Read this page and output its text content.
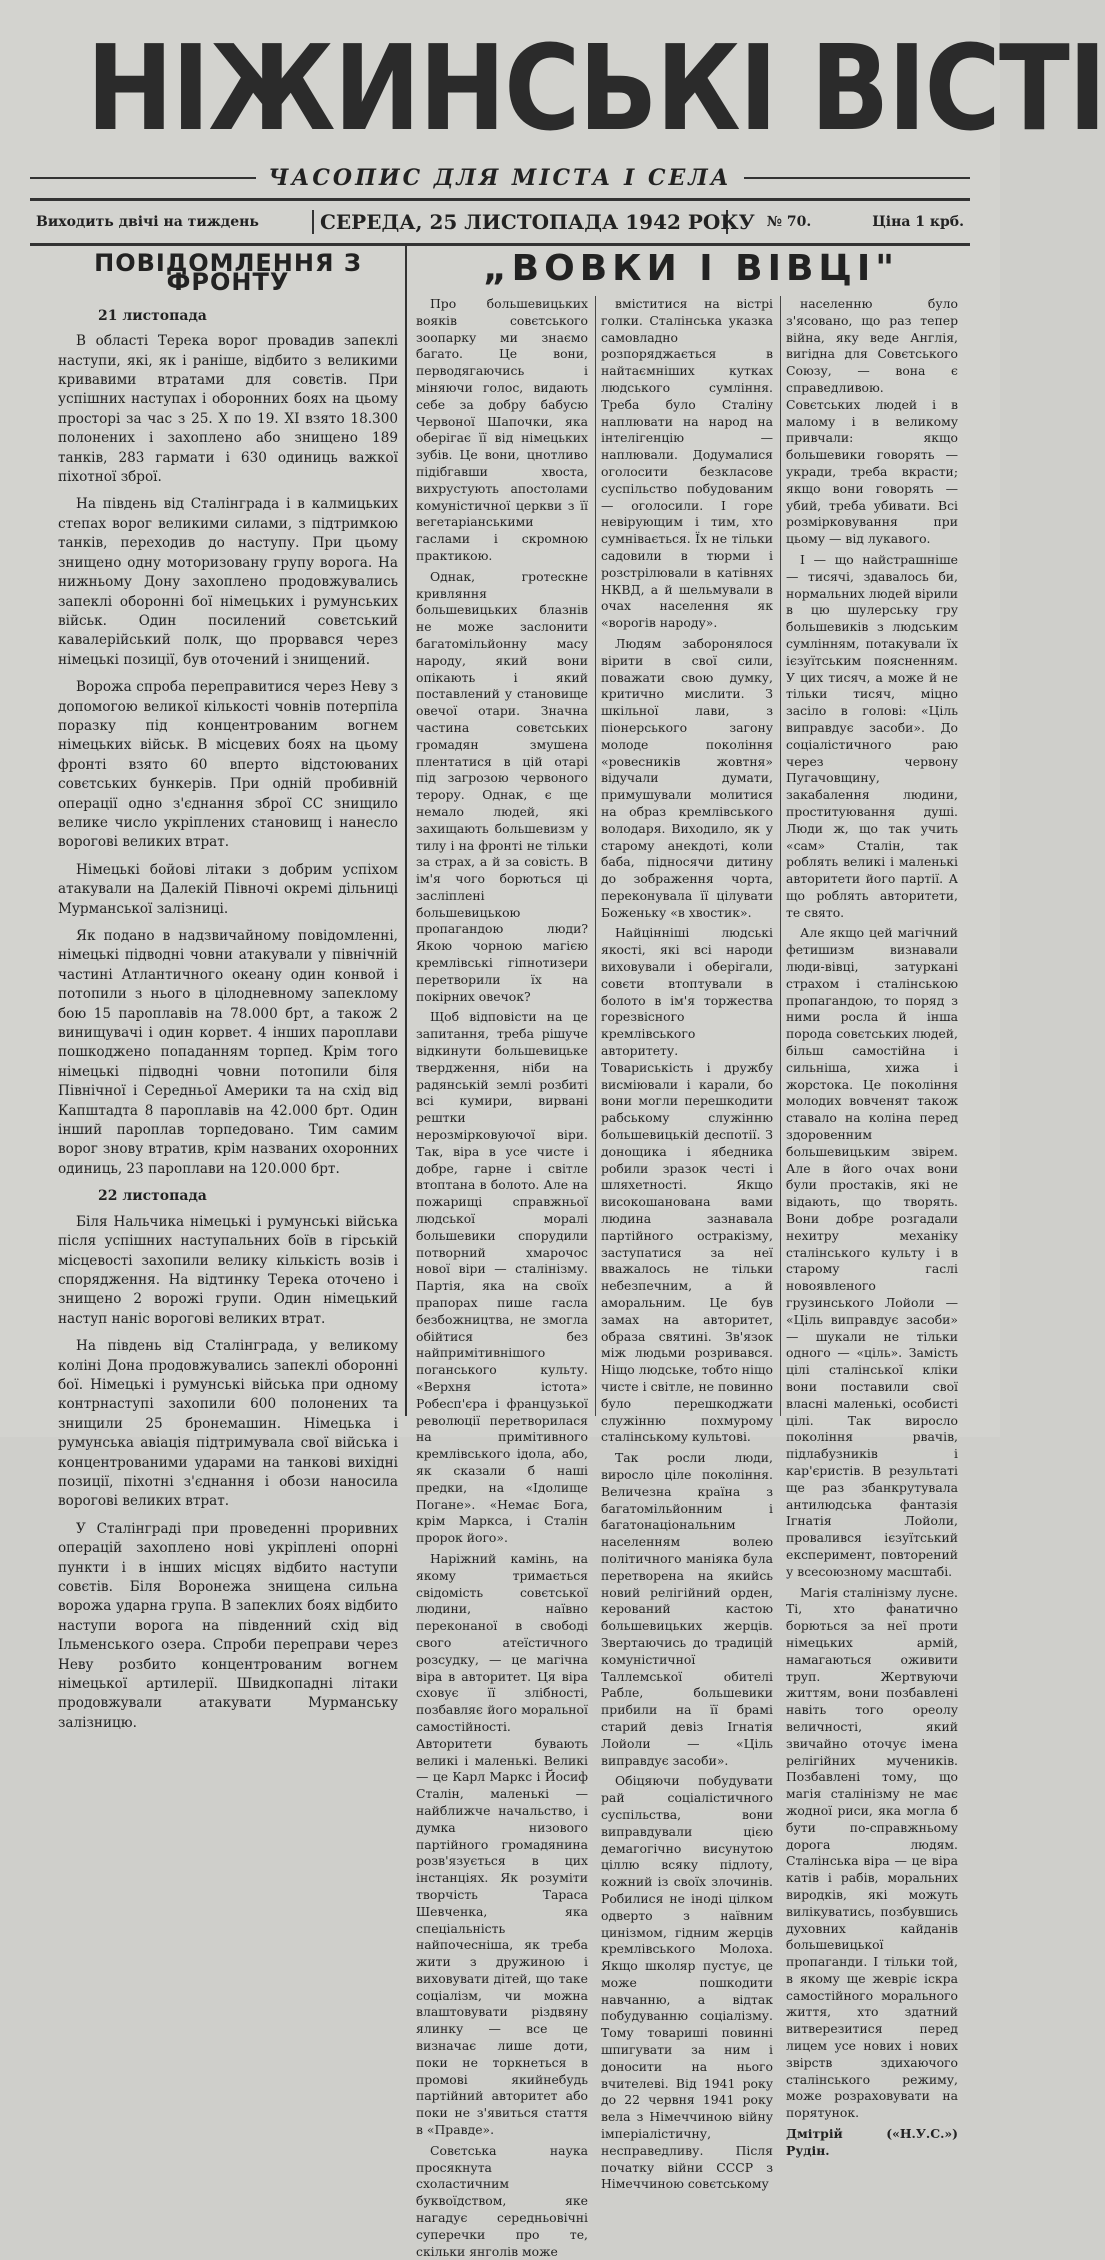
НІЖИНСЬКІ ВІСТІ
ЧАСОПИС ДЛЯ МІСТА І СЕЛА
Виходить двічі на тиждень	СЕРЕДА, 25 ЛИСТОПАДА 1942 РОКУ № 70.	Ціна 1 крб.
ПОВІДОМЛЕННЯ З ФРОНТУ
21 листопада

В області Терека ворог провадив запеклі наступи, які, як і раніше, відбито з великими кривавими втратами для совєтів. При успішних наступах і оборонних боях на цьому просторі за час з 25. X по 19. XI взято 18.300 полонених і захоплено або знищено 189 танків, 283 гармати і 630 одиниць важкої піхотної зброї.

На південь від Сталінграда і в калмицьких степах ворог великими силами, з підтримкою танків, переходив до наступу. При цьому знищено одну моторизовану групу ворога. На нижньому Дону захоплено продовжувались запеклі оборонні бої німецьких і румунських військ. Один посилений совєтський кавалерійський полк, що прорвався через німецькі позиції, був оточений і знищений.

Ворожа спроба переправитися через Неву з допомогою великої кількості човнів потерпіла поразку під концентрованим вогнем німецьких військ. В місцевих боях на цьому фронті взято 60 вперто відстоюваних совєтських бункерів. При одній пробивній операції одно з'єднання зброї СС знищило велике число укріплених становищ і нанесло ворогові великих втрат.

Німецькі бойові літаки з добрим успіхом атакували на Далекій Півночі окремі дільниці Мурманської залізниці.

Як подано в надзвичайному повідомленні, німецькі підводні човни атакували у північній частині Атлантичного океану один конвой і потопили з нього в цілодневному запеклому бою 15 пароплавів на 78.000 брт, а також 2 винищувачі і один корвет. 4 інших пароплави пошкоджено попаданням торпед. Крім того німецькі підводні човни потопили біля Північної і Середньої Америки та на схід від Капштадта 8 пароплавів на 42.000 брт. Один інший пароплав торпедовано. Тим самим ворог знову втратив, крім названих охоронних одиниць, 23 пароплави на 120.000 брт.

22 листопада

Біля Нальчика німецькі і румунські війська після успішних наступальних боїв в гірській місцевості захопили велику кількість возів і спорядження. На відтинку Терека оточено і знищено 2 ворожі групи. Один німецький наступ наніс ворогові великих втрат.

На південь від Сталінграда, у великому коліні Дона продовжувались запеклі оборонні бої. Німецькі і румунські війська при одному контрнаступі захопили 600 полонених та знищили 25 бронемашин. Німецька і румунська авіація підтримувала свої війська і концентрованими ударами на танкові вихідні позиції, піхотні з'єднання і обози наносила ворогові великих втрат.

У Сталінграді при проведенні проривних операцій захоплено нові укріплені опорні пункти і в інших місцях відбито наступи совєтів. Біля Воронежа знищена сильна ворожа ударна група. В запеклих боях відбито наступи ворога на південний схід від Ільменського озера. Спроби переправи через Неву розбито концентрованим вогнем німецької артилерії. Швидкопадні літаки продовжували атакувати Мурманську залізницю.

„ВОВКИ І ВІВЦІ"

Про большевицьких вояків совєтського зоопарку ми знаємо багато. Це вони, перводягаючись і міняючи голос, видають себе за добру бабусю Червоної Шапочки, яка оберігає її від німецьких зубів. Це вони, цнотливо підібгавши хвоста, вихрустують апостолами комуністичної церкви з її вегетаріанськими гаслами і скромною практикою.

Однак, гротескне кривляння большевицьких блазнів не може заслонити багатомільйонну масу народу, який вони опікають і який поставлений у становище овечої отари. Значна частина совєтських громадян змушена плентатися в цій отарі під загрозою червоного терору. Однак, є ще немало людей, які захищають большевизм у тилу і на фронті не тільки за страх, а й за совість. В ім'я чого борються ці засліплені большевицькою пропагандою люди? Якою чорною магією кремлівські гіпнотизери перетворили їх на покірних овечок?

Щоб відповісти на це запитання, треба рішуче відкинути большевицьке твердження, ніби на радянській землі розбиті всі кумири, вирвані рештки нерозмірковуючої віри. Так, віра в усе чисте і добре, гарне і світле втоптана в болото. Але на пожарищі справжньої людської моралі большевики спорудили потворний хмарочос нової віри — сталінізму. Партія, яка на своїх прапорах пише гасла безбожництва, не змогла обійтися без найпримітивнішого поганського культу. «Верхня істота» Робесп'єра і французької революції перетворилася на примітивного кремлівського ідола, або, як сказали б наші предки, на «Ідолище Погане». «Немає Бога, крім Маркса, і Сталін пророк його».

Наріжний камінь, на якому тримається свідомість совєтської людини, наївно переконаної в свободі свого атеїстичного розсудку, — це магічна віра в авторитет. Ця віра сховує її злібності, позбавляє його моральної самостійності. Авторитети бувають великі і маленькі. Великі — це Карл Маркс і Йосиф Сталін, маленькі — найближче начальство, і думка низового партійного громадянина розв'язується в цих інстанціях. Як розуміти творчість Тараса Шевченка, яка спеціальність найпочесніша, як треба жити з дружиною і виховувати дітей, що таке соціалізм, чи можна влаштовувати різдвяну ялинку — все це визначає лише доти, поки не торкнеться в промові якийнебудь партійний авторитет або поки не з'явиться стаття в «Правде».

Совєтська наука просякнута схоластичним буквоїдством, яке нагадує середньовічні суперечки про те, скільки янголів може

вміститися на вістрі голки. Сталінська указка самовладно розпоряджається в найтаємніших кутках людського сумління. Треба було Сталіну наплювати на народ на інтелігенцію — наплювали. Додумалися оголосити безкласове суспільство побудованим — оголосили. І горе невірующим і тим, хто сумнівається. Їх не тільки садовили в тюрми і розстрілювали в катівнях НКВД, а й шельмували в очах населення як «ворогів народу».

Людям заборонялося вірити в свої сили, поважати свою думку, критично мислити. З шкільної лави, з піонерського загону молоде покоління «ровесників жовтня» відучали думати, примушували молитися на образ кремлівського володаря. Виходило, як у старому анекдоті, коли баба, підносячи дитину до зображення чорта, переконувала її цілувати Боженьку «в хвостик».

Найцінніші людські якості, які всі народи виховували і оберігали, совєти втоптували в болото в ім'я торжества горезвісного кремлівського авторитету. Товариськість і дружбу висміювали і карали, бо вони могли перешкодити рабському служінню большевицькій деспотії. З донощика і ябедника робили зразок честі і шляхетності. Якщо високошанована вами людина зазнавала партійного остракізму, заступатися за неї вважалось не тільки небезпечним, а й аморальним. Це був замах на авторитет, образа святині. Зв'язок між людьми розривався. Ніщо людське, тобто ніщо чисте і світле, не повинно було перешкоджати служінню похмурому сталінському культові.

Так росли люди, виросло ціле покоління. Величезна країна з багатомільйонним і багатонаціональним населенням волею політичного маніяка була перетворена на якийсь новий релігійний орден, керований кастою большевицьких жерців. Звертаючись до традицій комуністичної Таллемської обителі Рабле, большевики прибили на її брамі старий девіз Ігнатія Лойоли — «Ціль виправдує засоби».

Обіцяючи побудувати рай соціалістичного суспільства, вони виправдували цією демагогічно висунутою ціллю всяку підлоту, кожний із своїх злочинів. Робилися не іноді цілком одверто з наївним цинізмом, гідним жерців кремлівського Молоха. Якщо школяр пустує, це може пошкодити навчанню, а відтак побудуванню соціалізму. Тому товариші повинні шпигувати за ним і доносити на нього вчителеві. Від 1941 року до 22 червня 1941 року вела з Німеччиною війну імперіалістичну, несправедливу. Після початку війни СССР з Німеччиною совєтському

населенню було з'ясовано, що раз тепер війна, яку веде Англія, вигідна для Совєтського Союзу, — вона є справедливою. Совєтських людей і в малому і в великому привчали: якщо большевики говорять — укради, треба вкрасти; якщо вони говорять — убий, треба убивати. Всі розмірковування при цьому — від лукавого.

І — що найстрашніше — тисячі, здавалось би, нормальних людей вірили в цю шулерську гру большевиків з людським сумлінням, потакували їх ієзуїтським поясненням. У цих тисяч, а може й не тільки тисяч, міцно засіло в голові: «Ціль виправдує засоби». До соціалістичного раю через червону Пугачовщину, закабалення людини, проституювання душі. Люди ж, що так учить «сам» Сталін, так роблять великі і маленькі авторитети його партії. А що роблять авторитети, те свято.

Але якщо цей магічний фетишизм визнавали люди-вівці, затуркані страхом і сталінською пропагандою, то поряд з ними росла й інша порода совєтських людей, більш самостійна і сильніша, хижа і жорстока. Це покоління молодих вовченят також ставало на коліна перед здоровенним большевицьким звірем. Але в його очах вони були простаків, які не відають, що творять. Вони добре розгадали нехитру механіку сталінського культу і в старому гаслі новоявленого грузинського Лойоли — «Ціль виправдує засоби» — шукали не тільки одного — «ціль». Замість цілі сталінської кліки вони поставили свої власні маленькі, особисті цілі. Так виросло покоління рвачів, підлабузників і кар'єристів. В результаті ще раз збанкрутувала антилюдська фантазія Ігнатія Лойоли, провалився ієзуїтський експеримент, повторений у всесоюзному масштабі.

Магія сталінізму лусне. Ті, хто фанатично борються за неї проти німецьких армій, намагаються оживити труп. Жертвуючи життям, вони позбавлені навіть того ореолу величності, який звичайно оточує імена релігійних мучеників. Позбавлені тому, що магія сталінізму не має жодної риси, яка могла б бути по-справжньому дорога людям. Сталінська віра — це віра катів і рабів, моральних виродків, які можуть вилікуватись, позбувшись духовних кайданів большевицької пропаганди. І тільки той, в якому ще жевріє іскра самостійного морального життя, хто здатний витверезитися перед лицем усе нових і нових звірств здихаючого сталінського режиму, може розраховувати на порятунок.

Дмітрій Рудін.
(«Н.У.С.»)
